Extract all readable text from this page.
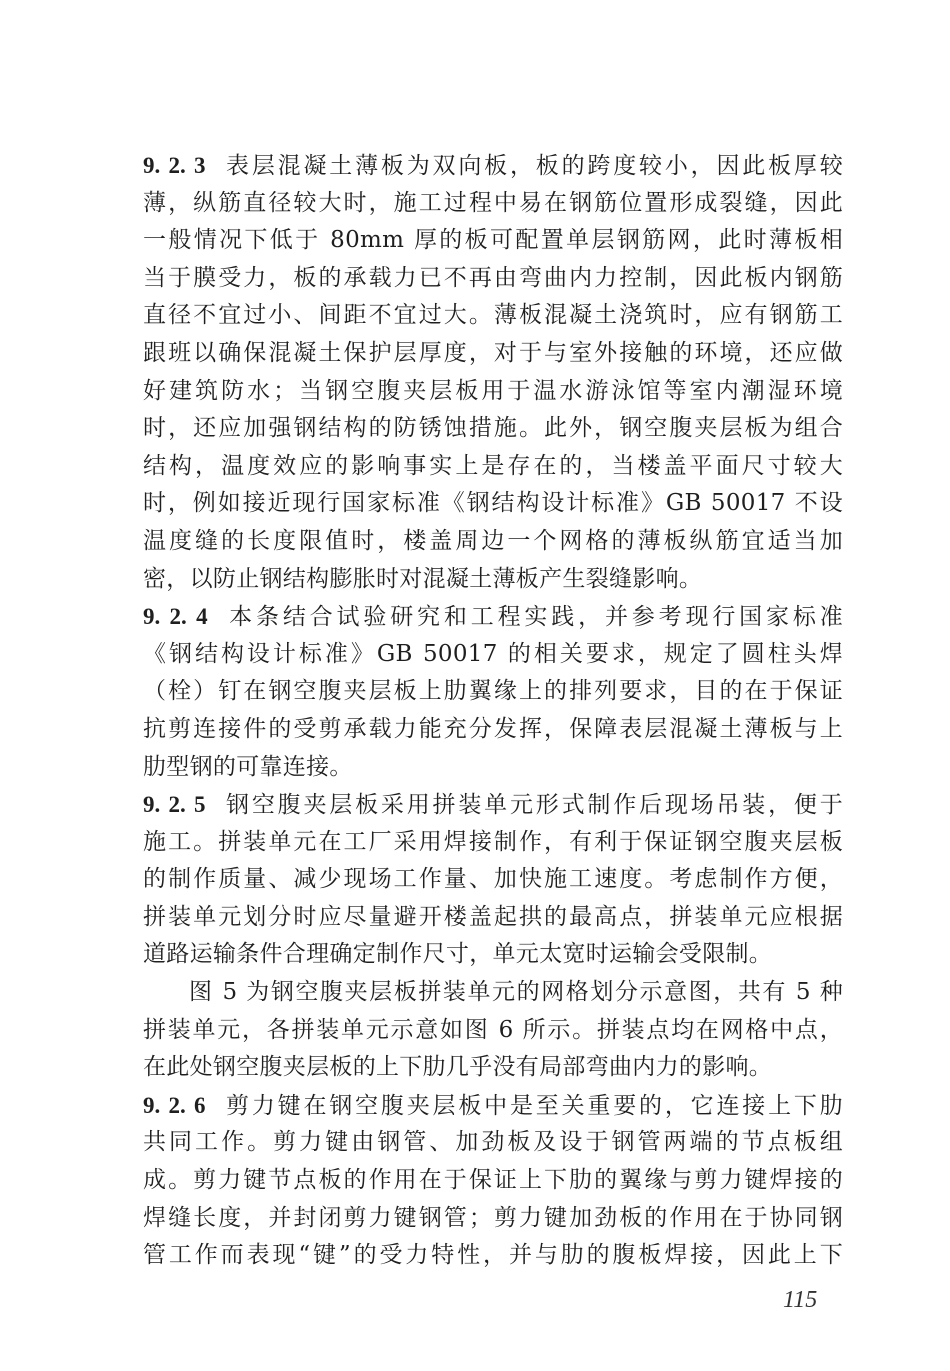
9. 2. 3 表层混凝土薄板为双向板，板的跨度较小，因此板厚较
薄，纵筋直径较大时，施工过程中易在钢筋位置形成裂缝，因此
一般情况下低于 80mm 厚的板可配置单层钢筋网，此时薄板相
当于膜受力，板的承载力已不再由弯曲内力控制，因此板内钢筋
直径不宜过小、间距不宜过大。薄板混凝土浇筑时，应有钢筋工
跟班以确保混凝土保护层厚度，对于与室外接触的环境，还应做
好建筑防水；当钢空腹夹层板用于温水游泳馆等室内潮湿环境
时，还应加强钢结构的防锈蚀措施。此外，钢空腹夹层板为组合
结构，温度效应的影响事实上是存在的，当楼盖平面尺寸较大
时，例如接近现行国家标准《钢结构设计标准》GB 50017 不设
温度缝的长度限值时，楼盖周边一个网格的薄板纵筋宜适当加
密，以防止钢结构膨胀时对混凝土薄板产生裂缝影响。
9. 2. 4 本条结合试验研究和工程实践，并参考现行国家标准
《钢结构设计标准》GB 50017 的相关要求，规定了圆柱头焊
（栓）钉在钢空腹夹层板上肋翼缘上的排列要求，目的在于保证
抗剪连接件的受剪承载力能充分发挥，保障表层混凝土薄板与上
肋型钢的可靠连接。
9. 2. 5 钢空腹夹层板采用拼装单元形式制作后现场吊装，便于
施工。拼装单元在工厂采用焊接制作，有利于保证钢空腹夹层板
的制作质量、减少现场工作量、加快施工速度。考虑制作方便，
拼装单元划分时应尽量避开楼盖起拱的最高点，拼装单元应根据
道路运输条件合理确定制作尺寸，单元太宽时运输会受限制。
图 5 为钢空腹夹层板拼装单元的网格划分示意图，共有 5 种
拼装单元，各拼装单元示意如图 6 所示。拼装点均在网格中点，
在此处钢空腹夹层板的上下肋几乎没有局部弯曲内力的影响。
9. 2. 6 剪力键在钢空腹夹层板中是至关重要的，它连接上下肋
共同工作。剪力键由钢管、加劲板及设于钢管两端的节点板组
成。剪力键节点板的作用在于保证上下肋的翼缘与剪力键焊接的
焊缝长度，并封闭剪力键钢管；剪力键加劲板的作用在于协同钢
管工作而表现“键”的受力特性，并与肋的腹板焊接，因此上下
115
